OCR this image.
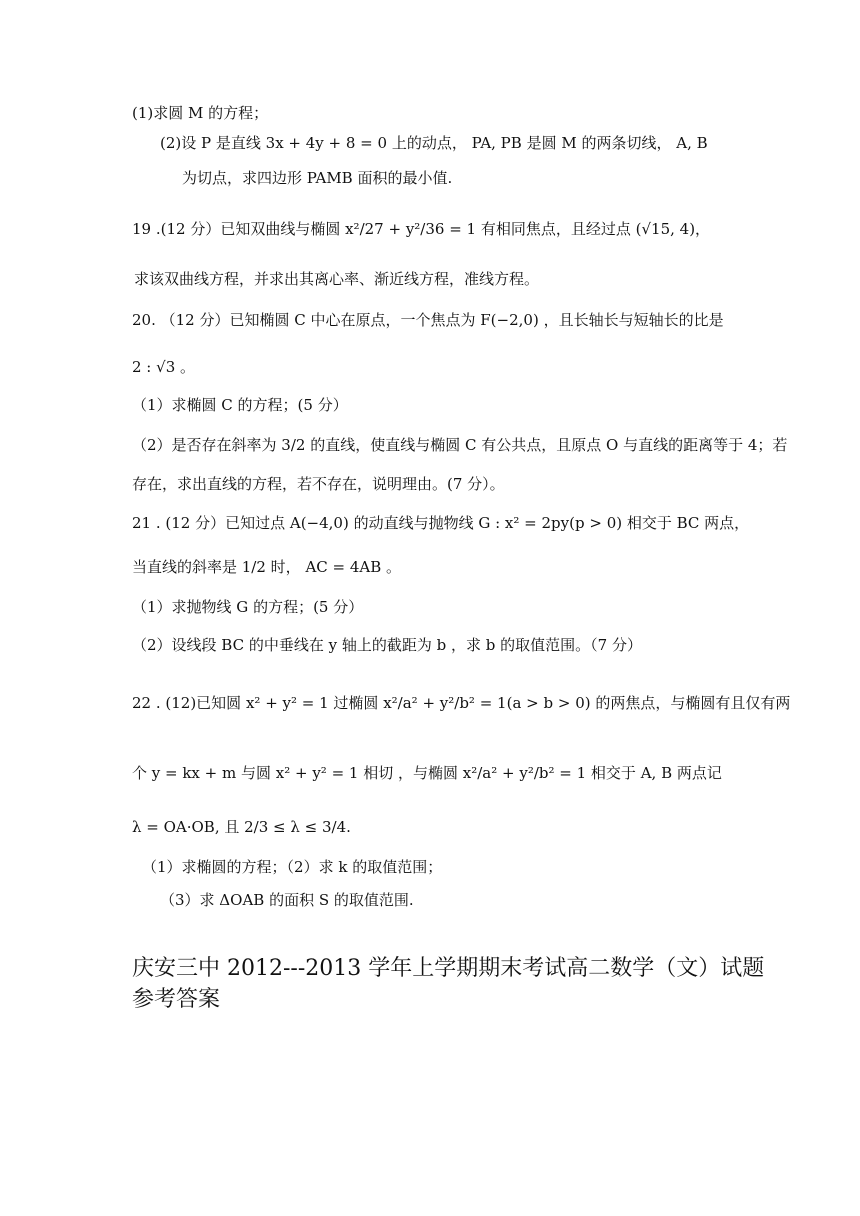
(1)求圆 M 的方程；
(2)设 P 是直线 3x + 4y + 8 = 0 上的动点， PA, PB 是圆 M 的两条切线， A, B
为切点，求四边形 PAMB 面积的最小值.
19 .(12 分）已知双曲线与椭圆 x²/27 + y²/36 = 1 有相同焦点，且经过点 (√15, 4)，
求该双曲线方程，并求出其离心率、渐近线方程，准线方程。
20. （12 分）已知椭圆 C 中心在原点，一个焦点为 F(−2,0) ，且长轴长与短轴长的比是
2 : √3 。
（1）求椭圆 C 的方程；(5 分）
（2）是否存在斜率为 3/2 的直线，使直线与椭圆 C 有公共点，且原点 O 与直线的距离等于 4；若
存在，求出直线的方程，若不存在，说明理由。(7 分）。
21 . (12 分）已知过点 A(−4,0) 的动直线与抛物线 G : x² = 2py(p > 0) 相交于 BC 两点，
当直线的斜率是 1/2 时， AC = 4AB 。
（1）求抛物线 G 的方程；(5 分）
（2）设线段 BC 的中垂线在 y 轴上的截距为 b ，求 b 的取值范围。（7 分）
22 . (12)已知圆 x² + y² = 1 过椭圆 x²/a² + y²/b² = 1(a > b > 0) 的两焦点，与椭圆有且仅有两
个 y = kx + m 与圆 x² + y² = 1 相切 ，与椭圆 x²/a² + y²/b² = 1 相交于 A, B 两点记
λ = OA·OB, 且 2/3 ≤ λ ≤ 3/4.
（1）求椭圆的方程；（2）求 k 的取值范围；
（3）求 ΔOAB 的面积 S 的取值范围.
庆安三中 2012---2013 学年上学期期末考试高二数学（文）试题 参考答案
